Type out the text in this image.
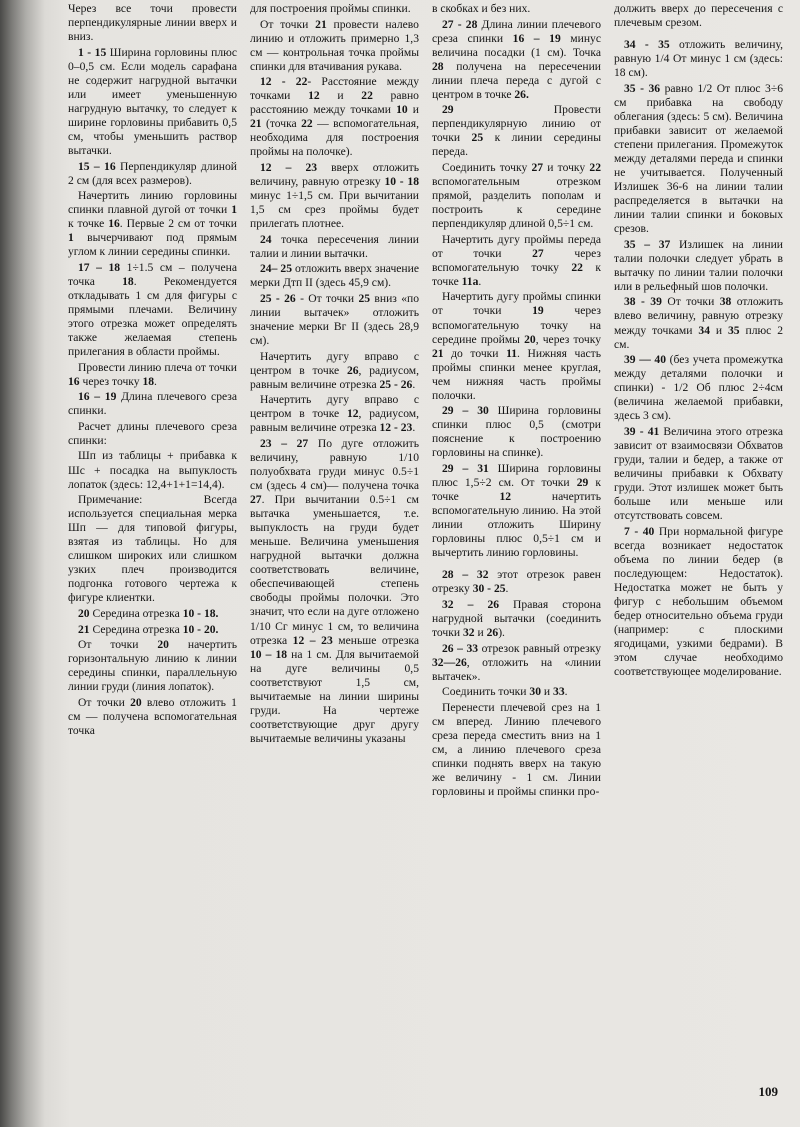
Через все точи провести перпендикулярные линии вверх и вниз.

1 - 15 Ширина горловины плюс 0–0,5 см. Если модель сарафана не содержит нагрудной вытачки или имеет уменьшенную нагрудную вытачку, то следует к ширине горловины прибавить 0,5 см, чтобы уменьшить раствор вытачки.

15 – 16 Перпендикуляр длиной 2 см (для всех размеров).

Начертить линию горловины спинки плавной дугой от точки 1 к точке 16. Первые 2 см от точки 1 вычерчивают под прямым углом к линии середины спинки.

17 – 18 1÷1.5 см – получена точка 18. Рекомендуется откладывать 1 см для фигуры с прямыми плечами. Величину этого отрезка может определять также желаемая степень прилегания в области проймы.

Провести линию плеча от точки 16 через точку 18.

16 – 19 Длина плечевого среза спинки.

Расчет длины плечевого среза спинки:

Шп из таблицы + прибавка к Шс + посадка на выпуклость лопаток (здесь: 12,4+1+1=14,4).

Примечание: Всегда используется специальная мерка Шп — для типовой фигуры, взятая из таблицы. Но для слишком широких или слишком узких плеч производится подгонка готового чертежа к фигуре клиентки.

20 Середина отрезка 10 - 18.

21 Середина отрезка 10 - 20.

От точки 20 начертить горизонтальную линию к линии середины спинки, параллельную линии груди (линия лопаток).

От точки 20 влево отложить 1 см — получена вспомогательная точка

для построения проймы спинки.

От точки 21 провести налево линию и отложить примерно 1,3 см — контрольная точка проймы спинки для втачивания рукава.

12 - 22- Расстояние между точками 12 и 22 равно расстоянию между точками 10 и 21 (точка 22 — вспомогательная, необходима для построения проймы на полочке).

12 – 23 вверх отложить величину, равную отрезку 10 - 18 минус 1÷1,5 см. При вычитании 1,5 см срез проймы будет прилегать плотнее.

24 точка пересечения линии талии и линии вытачки.

24– 25 отложить вверх значение мерки Дтп II (здесь 45,9 см).

25 - 26 - От точки 25 вниз «по линии вытачек» отложить значение мерки Вг II (здесь 28,9 см).

Начертить дугу вправо с центром в точке 26, радиусом, равным величине отрезка 25 - 26.

Начертить дугу вправо с центром в точке 12, радиусом, равным величине отрезка 12 - 23.

23 – 27 По дуге отложить величину, равную 1/10 полуобхвата груди минус 0.5÷1 см (здесь 4 см)— получена точка 27. При вычитании 0.5÷1 см вытачка уменьшается, т.е. выпуклость на груди будет меньше. Величина уменьшения нагрудной вытачки должна соответствовать величине, обеспечивающей степень свободы проймы полочки. Это значит, что если на дуге отложено 1/10 Сг минус 1 см, то величина отрезка 12 – 23 меньше отрезка 10 – 18 на 1 см. Для вычитаемой на дуге величины 0,5 соответствуют 1,5 см, вычитаемые на линии ширины груди. На чертеже соответствующие друг другу вычитаемые величины указаны

в скобках и без них.

27 - 28 Длина линии плечевого среза спинки 16 – 19 минус величина посадки (1 см). Точка 28 получена на пересечении линии плеча переда с дугой с центром в точке 26.

29 Провести перпендикулярную линию от точки 25 к линии середины переда.

Соединить точку 27 и точку 22 вспомогательным отрезком прямой, разделить пополам и построить к середине перпендикуляр длиной 0,5÷1 см.

Начертить дугу проймы переда от точки 27 через вспомогательную точку 22 к точке 11a.

Начертить дугу проймы спинки от точки 19 через вспомогательную точку на середине проймы 20, через точку 21 до точки 11. Нижняя часть проймы спинки менее круглая, чем нижняя часть проймы полочки.

29 – 30 Ширина горловины спинки плюс 0,5 (смотри пояснение к построению горловины на спинке).

29 – 31 Ширина горловины плюс 1,5÷2 см. От точки 29 к точке 12 начертить вспомогательную линию. На этой линии отложить Ширину горловины плюс 0,5÷1 см и вычертить линию горловины.

28 – 32 этот отрезок равен отрезку 30 - 25.

32 – 26 Правая сторона нагрудной вытачки (соединить точки 32 и 26).

26 – 33 отрезок равный отрезку 32—26, отложить на «линии вытачек».

Соединить точки 30 и 33.

Перенести плечевой срез на 1 см вперед. Линию плечевого среза переда сместить вниз на 1 см, а линию плечевого среза спинки поднять вверх на такую же величину - 1 см. Линии горловины и проймы спинки про-

должить вверх до пересечения с плечевым срезом.

34 - 35 отложить величину, равную 1/4 От минус 1 см (здесь: 18 см).

35 - 36 равно 1/2 От плюс 3÷6 см прибавка на свободу облегания (здесь: 5 см). Величина прибавки зависит от желаемой степени прилегания. Промежуток между деталями переда и спинки не учитывается. Полученный Излишек 36-6 на линии талии распределяется в вытачки на линии талии спинки и боковых срезов.

35 – 37 Излишек на линии талии полочки следует убрать в вытачку по линии талии полочки или в рельефный шов полочки.

38 - 39 От точки 38 отложить влево величину, равную отрезку между точками 34 и 35 плюс 2 см.

39 — 40 (без учета промежутка между деталями полочки и спинки) - 1/2 Об плюс 2÷4см (величина желаемой прибавки, здесь 3 см).

39 - 41 Величина этого отрезка зависит от взаимосвязи Обхватов груди, талии и бедер, а также от величины прибавки к Обхвату груди. Этот излишек может быть больше или меньше или отсутствовать совсем.

7 - 40 При нормальной фигуре всегда возникает недостаток объема по линии бедер (в последующем: Недостаток). Недостатка может не быть у фигур с небольшим объемом бедер относительно объема груди (например: с плоскими ягодицами, узкими бедрами). В этом случае необходимо соответствующее моделирование.

109
